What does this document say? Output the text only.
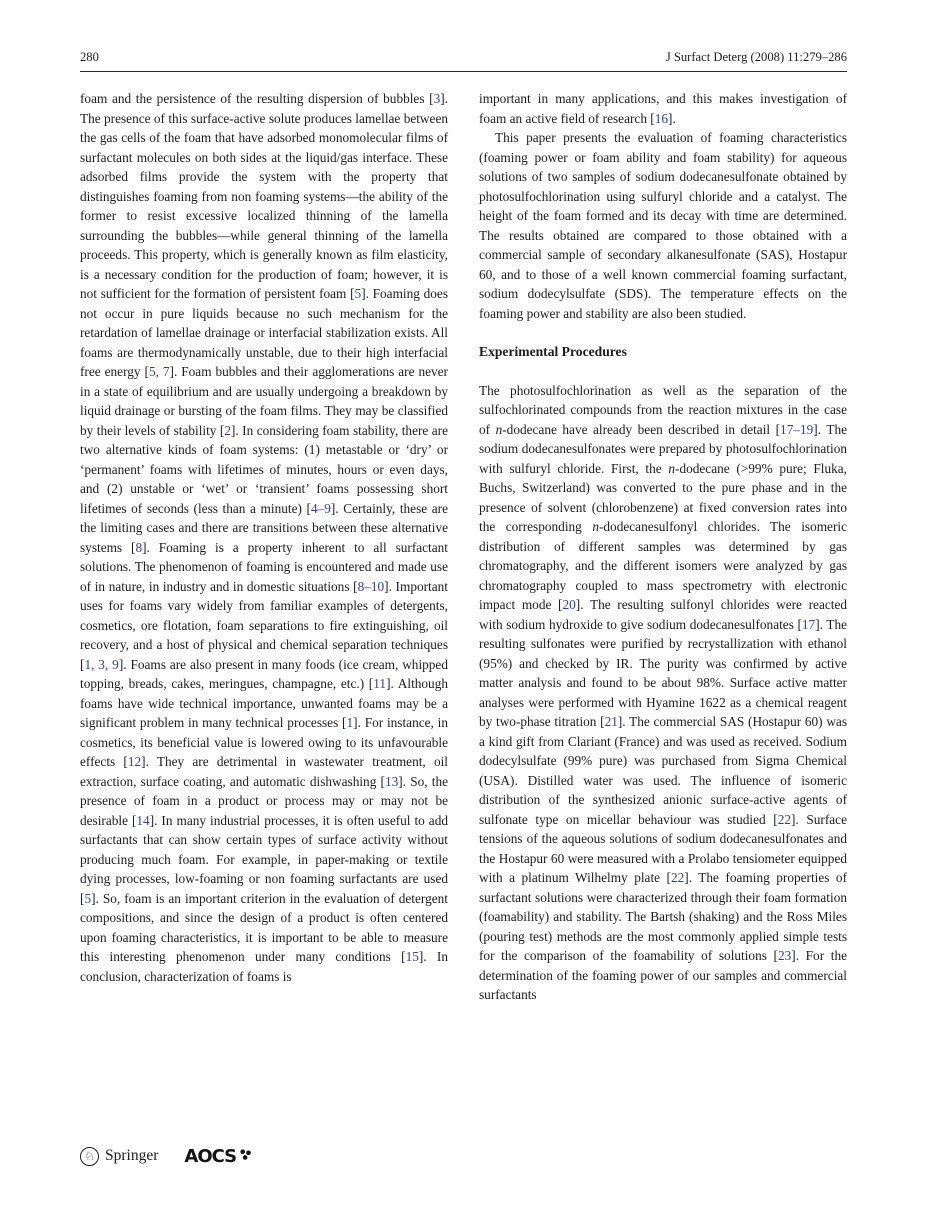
280	J Surfact Deterg (2008) 11:279–286

foam and the persistence of the resulting dispersion of bubbles [3]. The presence of this surface-active solute produces lamellae between the gas cells of the foam that have adsorbed monomolecular films of surfactant molecules on both sides at the liquid/gas interface. These adsorbed films provide the system with the property that distinguishes foaming from non foaming systems—the ability of the former to resist excessive localized thinning of the lamella surrounding the bubbles—while general thinning of the lamella proceeds. This property, which is generally known as film elasticity, is a necessary condition for the production of foam; however, it is not sufficient for the formation of persistent foam [5]. Foaming does not occur in pure liquids because no such mechanism for the retardation of lamellae drainage or interfacial stabilization exists. All foams are thermodynamically unstable, due to their high interfacial free energy [5, 7]. Foam bubbles and their agglomerations are never in a state of equilibrium and are usually undergoing a breakdown by liquid drainage or bursting of the foam films. They may be classified by their levels of stability [2]. In considering foam stability, there are two alternative kinds of foam systems: (1) metastable or ‘dry’ or ‘permanent’ foams with lifetimes of minutes, hours or even days, and (2) unstable or ‘wet’ or ‘transient’ foams possessing short lifetimes of seconds (less than a minute) [4–9]. Certainly, these are the limiting cases and there are transitions between these alternative systems [8]. Foaming is a property inherent to all surfactant solutions. The phenomenon of foaming is encountered and made use of in nature, in industry and in domestic situations [8–10]. Important uses for foams vary widely from familiar examples of detergents, cosmetics, ore flotation, foam separations to fire extinguishing, oil recovery, and a host of physical and chemical separation techniques [1, 3, 9]. Foams are also present in many foods (ice cream, whipped topping, breads, cakes, meringues, champagne, etc.) [11]. Although foams have wide technical importance, unwanted foams may be a significant problem in many technical processes [1]. For instance, in cosmetics, its beneficial value is lowered owing to its unfavourable effects [12]. They are detrimental in wastewater treatment, oil extraction, surface coating, and automatic dishwashing [13]. So, the presence of foam in a product or process may or may not be desirable [14]. In many industrial processes, it is often useful to add surfactants that can show certain types of surface activity without producing much foam. For example, in paper-making or textile dying processes, low-foaming or non foaming surfactants are used [5]. So, foam is an important criterion in the evaluation of detergent compositions, and since the design of a product is often centered upon foaming characteristics, it is important to be able to measure this interesting phenomenon under many conditions [15]. In conclusion, characterization of foams is

important in many applications, and this makes investigation of foam an active field of research [16].

This paper presents the evaluation of foaming characteristics (foaming power or foam ability and foam stability) for aqueous solutions of two samples of sodium dodecanesulfonate obtained by photosulfochlorination using sulfuryl chloride and a catalyst. The height of the foam formed and its decay with time are determined. The results obtained are compared to those obtained with a commercial sample of secondary alkanesulfonate (SAS), Hostapur 60, and to those of a well known commercial foaming surfactant, sodium dodecylsulfate (SDS). The temperature effects on the foaming power and stability are also been studied.

Experimental Procedures

The photosulfochlorination as well as the separation of the sulfochlorinated compounds from the reaction mixtures in the case of n-dodecane have already been described in detail [17–19]. The sodium dodecanesulfonates were prepared by photosulfochlorination with sulfuryl chloride. First, the n-dodecane (>99% pure; Fluka, Buchs, Switzerland) was converted to the pure phase and in the presence of solvent (chlorobenzene) at fixed conversion rates into the corresponding n-dodecanesulfonyl chlorides. The isomeric distribution of different samples was determined by gas chromatography, and the different isomers were analyzed by gas chromatography coupled to mass spectrometry with electronic impact mode [20]. The resulting sulfonyl chlorides were reacted with sodium hydroxide to give sodium dodecanesulfonates [17]. The resulting sulfonates were purified by recrystallization with ethanol (95%) and checked by IR. The purity was confirmed by active matter analysis and found to be about 98%. Surface active matter analyses were performed with Hyamine 1622 as a chemical reagent by two-phase titration [21]. The commercial SAS (Hostapur 60) was a kind gift from Clariant (France) and was used as received. Sodium dodecylsulfate (99% pure) was purchased from Sigma Chemical (USA). Distilled water was used. The influence of isomeric distribution of the synthesized anionic surface-active agents of sulfonate type on micellar behaviour was studied [22]. Surface tensions of the aqueous solutions of sodium dodecanesulfonates and the Hostapur 60 were measured with a Prolabo tensiometer equipped with a platinum Wilhelmy plate [22]. The foaming properties of surfactant solutions were characterized through their foam formation (foamability) and stability. The Bartsh (shaking) and the Ross Miles (pouring test) methods are the most commonly applied simple tests for the comparison of the foamability of solutions [23]. For the determination of the foaming power of our samples and commercial surfactants

♘ Springer AOCS
